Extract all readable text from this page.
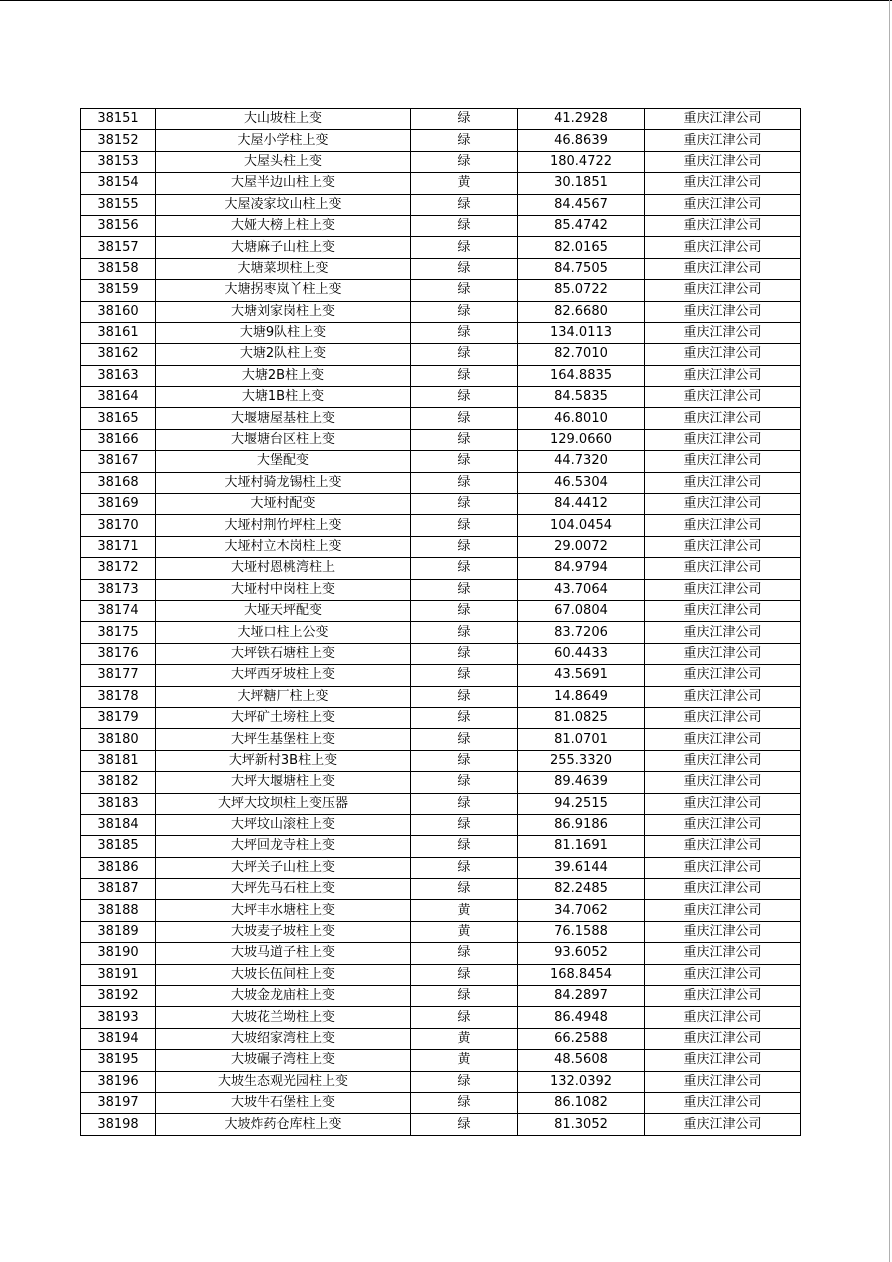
38151	大山坡柱上变	绿	41.2928	重庆江津公司
38152	大屋小学柱上变	绿	46.8639	重庆江津公司
38153	大屋头柱上变	绿	180.4722	重庆江津公司
38154	大屋半边山柱上变	黄	30.1851	重庆江津公司
38155	大屋凌家坟山柱上变	绿	84.4567	重庆江津公司
38156	大娅大榜上柱上变	绿	85.4742	重庆江津公司
38157	大塘麻子山柱上变	绿	82.0165	重庆江津公司
38158	大塘菜坝柱上变	绿	84.7505	重庆江津公司
38159	大塘拐枣岚丫柱上变	绿	85.0722	重庆江津公司
38160	大塘刘家岗柱上变	绿	82.6680	重庆江津公司
38161	大塘9队柱上变	绿	134.0113	重庆江津公司
38162	大塘2队柱上变	绿	82.7010	重庆江津公司
38163	大塘2B柱上变	绿	164.8835	重庆江津公司
38164	大塘1B柱上变	绿	84.5835	重庆江津公司
38165	大堰塘屋基柱上变	绿	46.8010	重庆江津公司
38166	大堰塘台区柱上变	绿	129.0660	重庆江津公司
38167	大堡配变	绿	44.7320	重庆江津公司
38168	大垭村骑龙锡柱上变	绿	46.5304	重庆江津公司
38169	大垭村配变	绿	84.4412	重庆江津公司
38170	大垭村荆竹坪柱上变	绿	104.0454	重庆江津公司
38171	大垭村立木岗柱上变	绿	29.0072	重庆江津公司
38172	大垭村恩桃湾柱上	绿	84.9794	重庆江津公司
38173	大垭村中岗柱上变	绿	43.7064	重庆江津公司
38174	大垭天坪配变	绿	67.0804	重庆江津公司
38175	大垭口柱上公变	绿	83.7206	重庆江津公司
38176	大坪铁石塘柱上变	绿	60.4433	重庆江津公司
38177	大坪西牙坡柱上变	绿	43.5691	重庆江津公司
38178	大坪糖厂柱上变	绿	14.8649	重庆江津公司
38179	大坪矿土塝柱上变	绿	81.0825	重庆江津公司
38180	大坪生基堡柱上变	绿	81.0701	重庆江津公司
38181	大坪新村3B柱上变	绿	255.3320	重庆江津公司
38182	大坪大堰塘柱上变	绿	89.4639	重庆江津公司
38183	大坪大坟坝柱上变压器	绿	94.2515	重庆江津公司
38184	大坪坟山滚柱上变	绿	86.9186	重庆江津公司
38185	大坪回龙寺柱上变	绿	81.1691	重庆江津公司
38186	大坪关子山柱上变	绿	39.6144	重庆江津公司
38187	大坪先马石柱上变	绿	82.2485	重庆江津公司
38188	大坪丰水塘柱上变	黄	34.7062	重庆江津公司
38189	大坡麦子坡柱上变	黄	76.1588	重庆江津公司
38190	大坡马道子柱上变	绿	93.6052	重庆江津公司
38191	大坡长伍间柱上变	绿	168.8454	重庆江津公司
38192	大坡金龙庙柱上变	绿	84.2897	重庆江津公司
38193	大坡花兰坳柱上变	绿	86.4948	重庆江津公司
38194	大坡绍家湾柱上变	黄	66.2588	重庆江津公司
38195	大坡碾子湾柱上变	黄	48.5608	重庆江津公司
38196	大坡生态观光园柱上变	绿	132.0392	重庆江津公司
38197	大坡牛石堡柱上变	绿	86.1082	重庆江津公司
38198	大坡炸药仓库柱上变	绿	81.3052	重庆江津公司
